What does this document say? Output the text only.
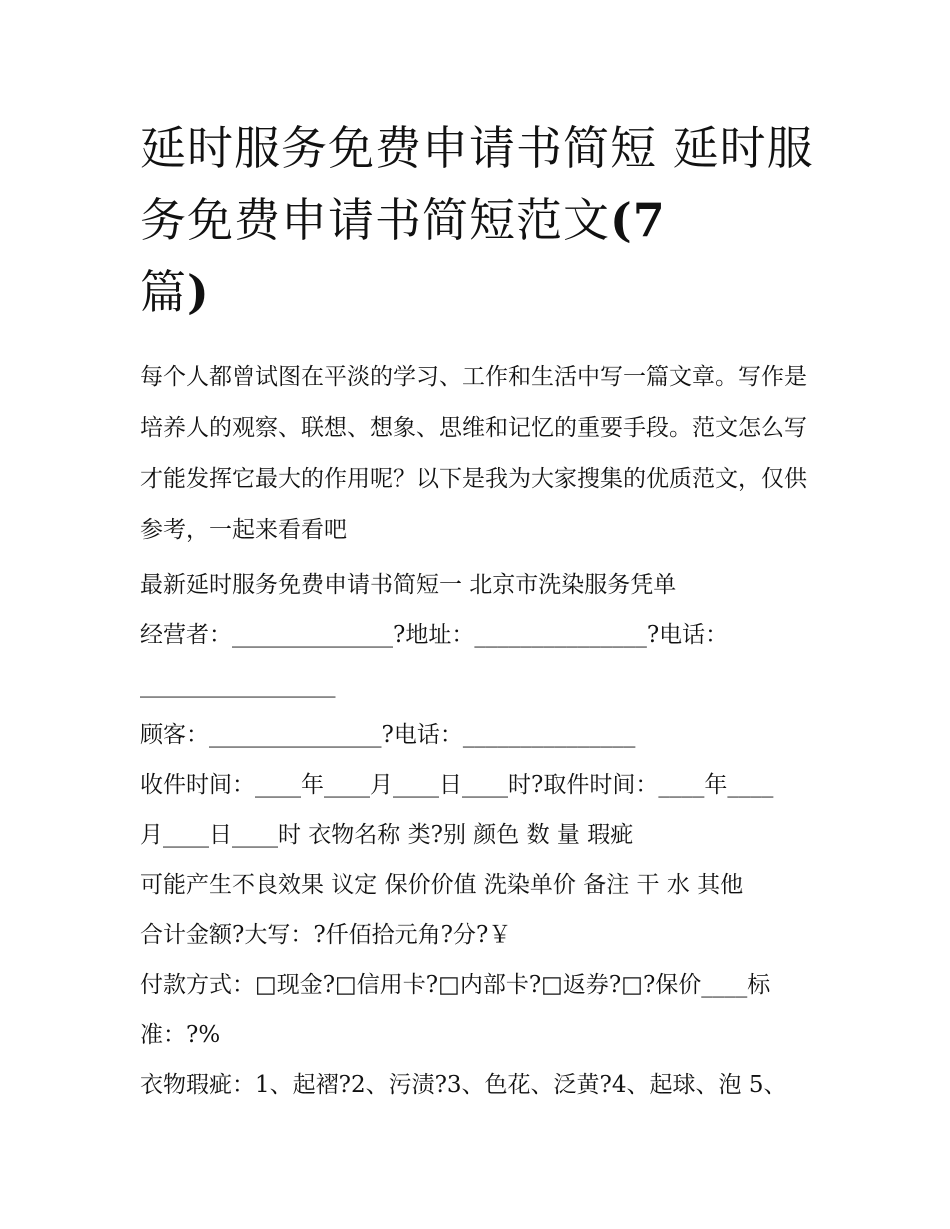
延时服务免费申请书简短 延时服务免费申请书简短范文(7
篇)

每个人都曾试图在平淡的学习、工作和生活中写一篇文章。写作是培养人的观察、联想、想象、思维和记忆的重要手段。范文怎么写才能发挥它最大的作用呢？以下是我为大家搜集的优质范文，仅供参考，一起来看看吧

最新延时服务免费申请书简短一 北京市洗染服务凭单

经营者：______________?地址：_______________?电话：

_________________

顾客：_______________?电话：_______________

收件时间：____年____月____日____时?取件时间：____年____

月____日____时 衣物名称 类?别 颜色 数 量 瑕疵

可能产生不良效果 议定 保价价值 洗染单价 备注 干 水 其他

合计金额?大写：?仟佰拾元角?分?￥

付款方式：□现金?□信用卡?□内部卡?□返券?□?保价____标

准：?%

衣物瑕疵：1、起褶?2、污渍?3、色花、泛黄?4、起球、泡 5、
